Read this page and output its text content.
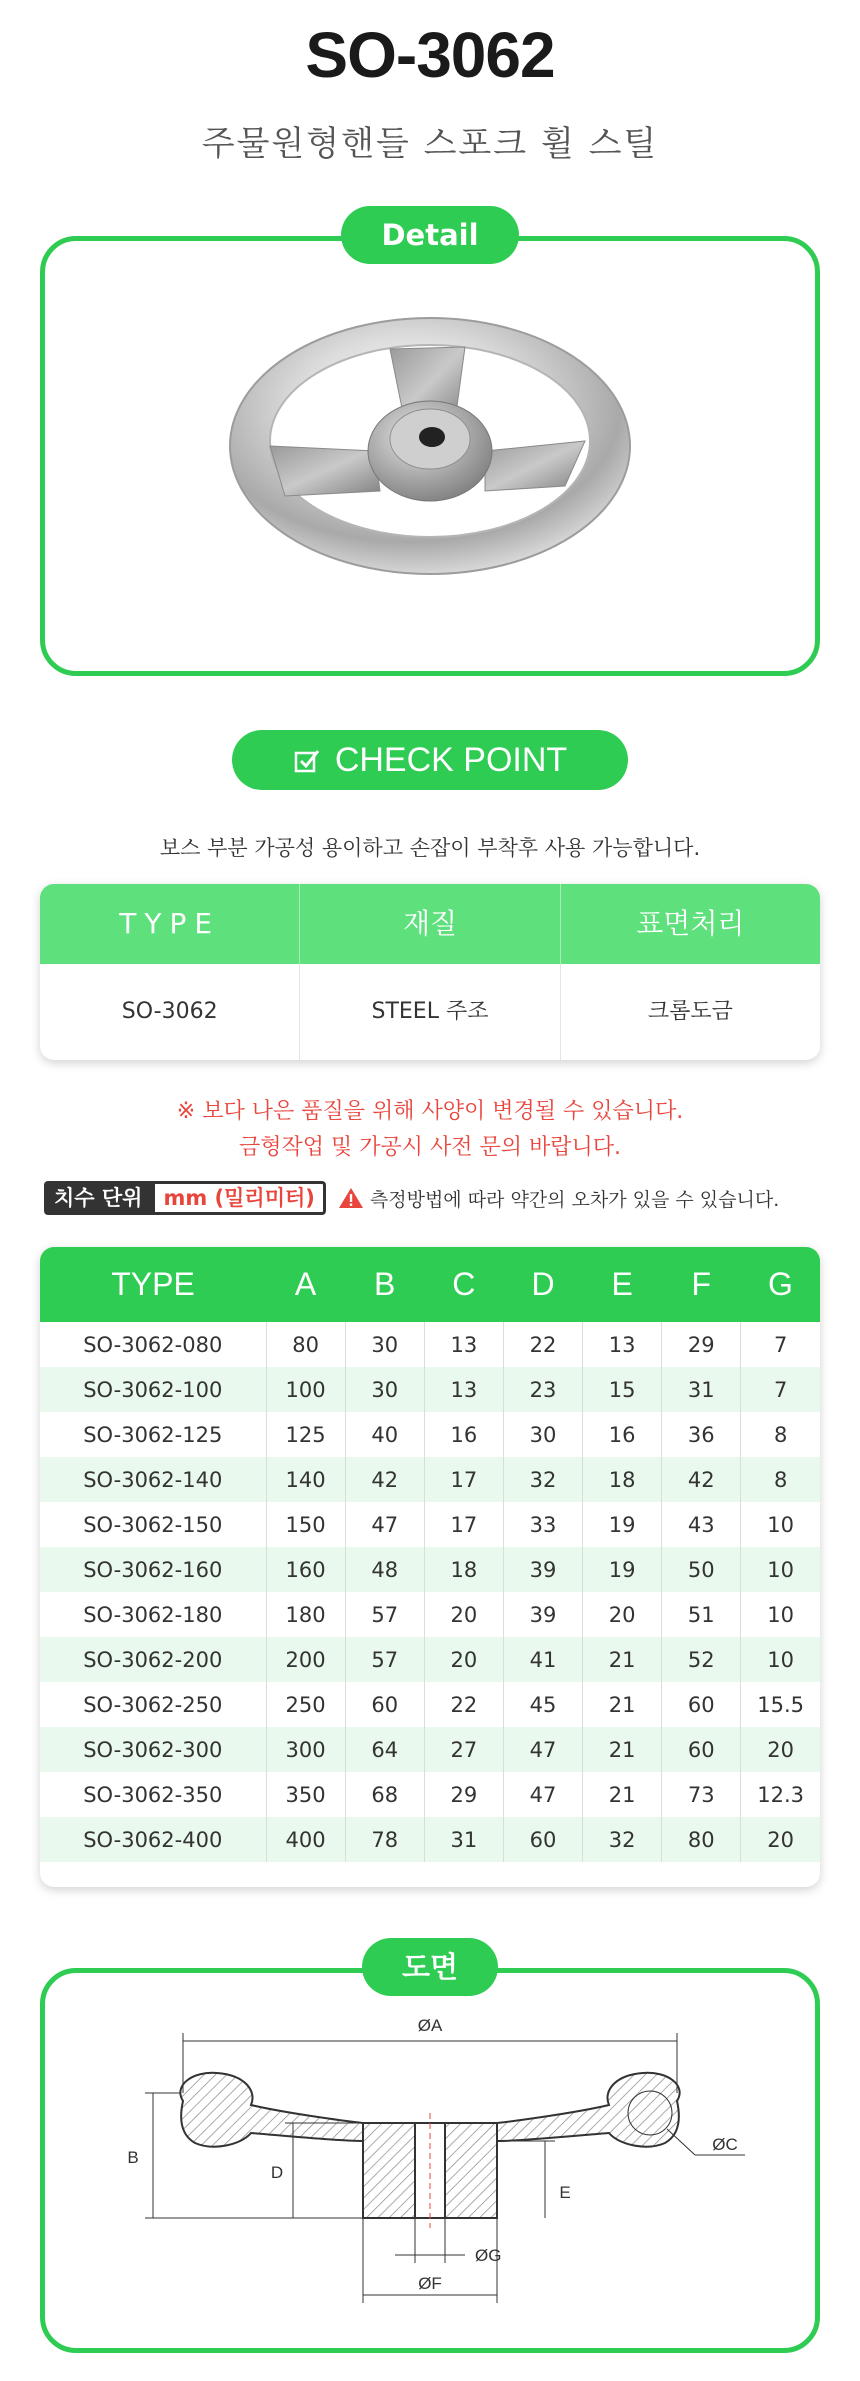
SO-3062
주물원형핸들 스포크 휠 스틸
Detail
CHECK POINT
보스 부분 가공성 용이하고 손잡이 부착후 사용 가능합니다.
TYPE	재질	표면처리
SO-3062	STEEL 주조	크롬도금
※ 보다 나은 품질을 위해 사양이 변경될 수 있습니다.
금형작업 및 가공시 사전 문의 바랍니다.
치수 단위	mm (밀리미터)	측정방법에 따라 약간의 오차가 있을 수 있습니다.
TYPE	A	B	C	D	E	F	G
SO-3062-080	80	30	13	22	13	29	7
SO-3062-100	100	30	13	23	15	31	7
SO-3062-125	125	40	16	30	16	36	8
SO-3062-140	140	42	17	32	18	42	8
SO-3062-150	150	47	17	33	19	43	10
SO-3062-160	160	48	18	39	19	50	10
SO-3062-180	180	57	20	39	20	51	10
SO-3062-200	200	57	20	41	21	52	10
SO-3062-250	250	60	22	45	21	60	15.5
SO-3062-300	300	64	27	47	21	60	20
SO-3062-350	350	68	29	47	21	73	12.3
SO-3062-400	400	78	31	60	32	80	20
ØA
B
D
E
ØC
ØG
ØF
도면
